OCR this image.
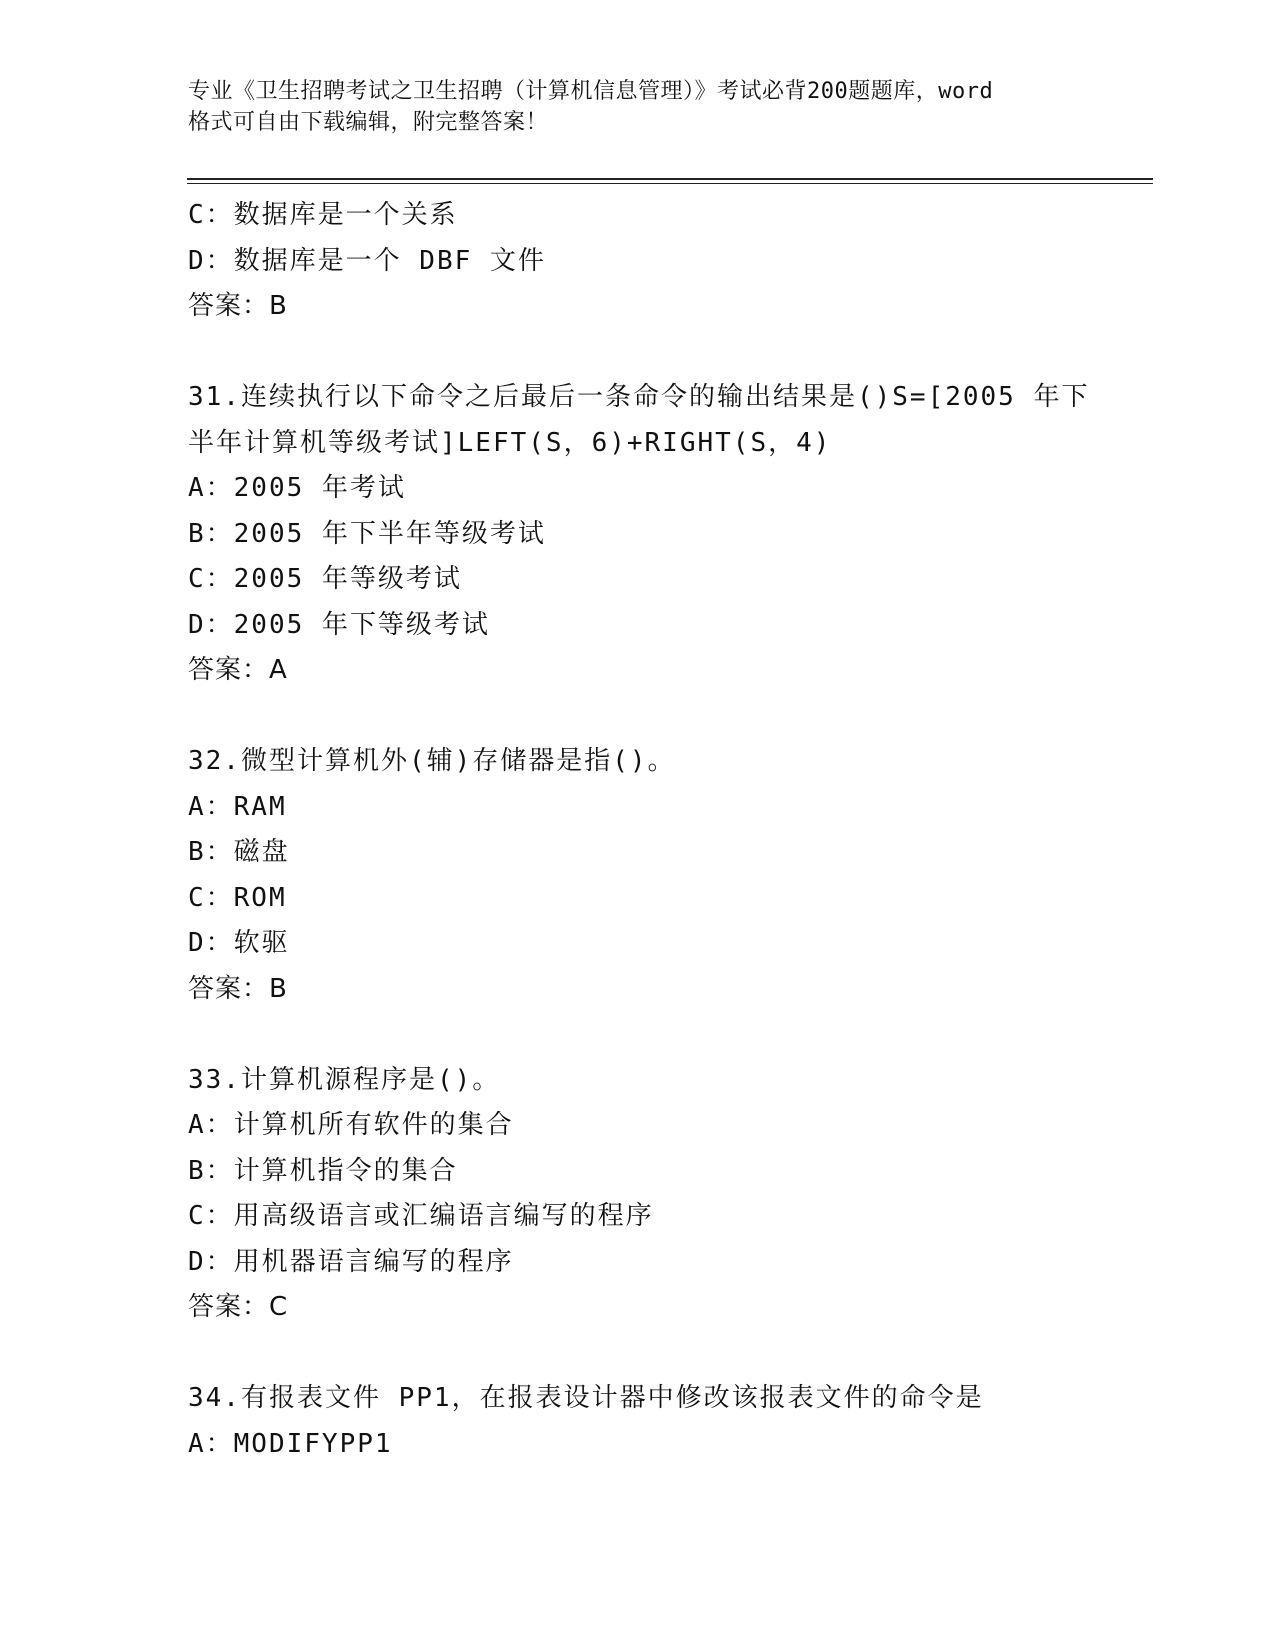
专业《卫生招聘考试之卫生招聘（计算机信息管理）》考试必背200题题库，word
格式可自由下载编辑，附完整答案！
C：数据库是一个关系
D：数据库是一个 DBF 文件
答案：B
31.连续执行以下命令之后最后一条命令的输出结果是()S=[2005 年下
半年计算机等级考试]LEFT(S，6)+RIGHT(S，4)
A：2005 年考试
B：2005 年下半年等级考试
C：2005 年等级考试
D：2005 年下等级考试
答案：A
32.微型计算机外(辅)存储器是指()。
A：RAM
B：磁盘
C：ROM
D：软驱
答案：B
33.计算机源程序是()。
A：计算机所有软件的集合
B：计算机指令的集合
C：用高级语言或汇编语言编写的程序
D：用机器语言编写的程序
答案：C
34.有报表文件 PP1，在报表设计器中修改该报表文件的命令是
A：MODIFYPP1
